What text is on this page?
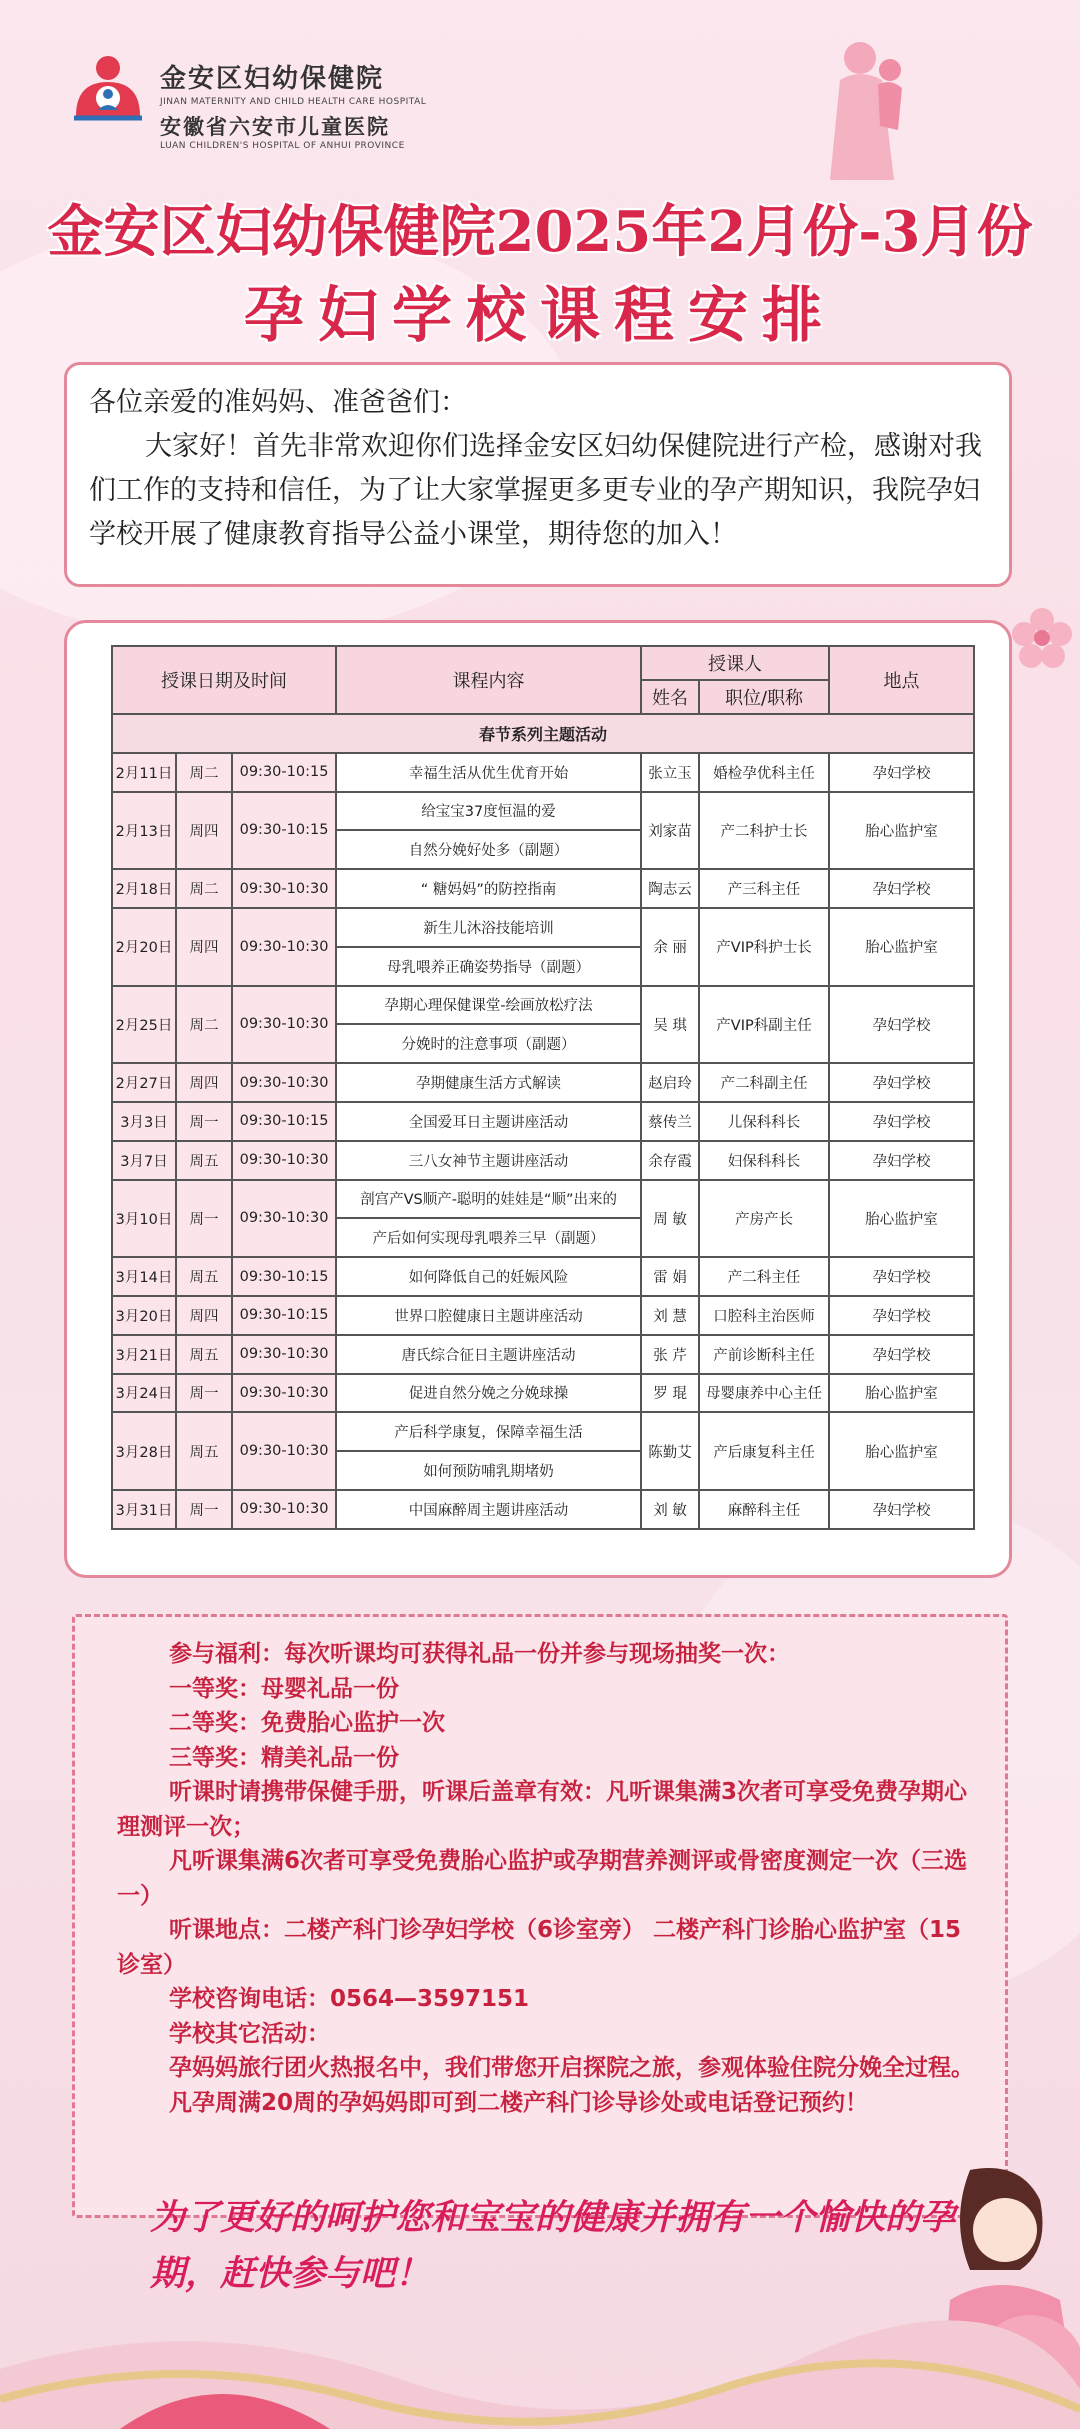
金安区妇幼保健院
JINAN MATERNITY AND CHILD HEALTH CARE HOSPITAL
安徽省六安市儿童医院
LUAN CHILDREN'S HOSPITAL OF ANHUI PROVINCE
金安区妇幼保健院2025年2月份-3月份
孕妇学校课程安排

各位亲爱的准妈妈、准爸爸们：

大家好！首先非常欢迎你们选择金安区妇幼保健院进行产检，感谢对我们工作的支持和信任，为了让大家掌握更多更专业的孕产期知识，我院孕妇学校开展了健康教育指导公益小课堂，期待您的加入！

授课日期及时间			课程内容	授课人		地点
				姓名	职位/职称	
春节系列主题活动						
2月11日	周二	09:30-10:15	幸福生活从优生优育开始	张立玉	婚检孕优科主任	孕妇学校
2月13日	周四	09:30-10:15	给宝宝37度恒温的爱	刘家苗	产二科护士长	胎心监护室
			自然分娩好处多（副题）			
2月18日	周二	09:30-10:30	“ 糖妈妈”的防控指南	陶志云	产三科主任	孕妇学校
2月20日	周四	09:30-10:30	新生儿沐浴技能培训	余 丽	产VIP科护士长	胎心监护室
			母乳喂养正确姿势指导（副题）			
2月25日	周二	09:30-10:30	孕期心理保健课堂-绘画放松疗法	吴 琪	产VIP科副主任	孕妇学校
			分娩时的注意事项（副题）			
2月27日	周四	09:30-10:30	孕期健康生活方式解读	赵启玲	产二科副主任	孕妇学校
3月3日	周一	09:30-10:15	全国爱耳日主题讲座活动	蔡传兰	儿保科科长	孕妇学校
3月7日	周五	09:30-10:30	三八女神节主题讲座活动	余存霞	妇保科科长	孕妇学校
3月10日	周一	09:30-10:30	剖宫产VS顺产-聪明的娃娃是“顺”出来的	周 敏	产房产长	胎心监护室
			产后如何实现母乳喂养三早（副题）			
3月14日	周五	09:30-10:15	如何降低自己的妊娠风险	雷 娟	产二科主任	孕妇学校
3月20日	周四	09:30-10:15	世界口腔健康日主题讲座活动	刘 慧	口腔科主治医师	孕妇学校
3月21日	周五	09:30-10:30	唐氏综合征日主题讲座活动	张 芹	产前诊断科主任	孕妇学校
3月24日	周一	09:30-10:30	促进自然分娩之分娩球操	罗 琨	母婴康养中心主任	胎心监护室
3月28日	周五	09:30-10:30	产后科学康复，保障幸福生活	陈勤艾	产后康复科主任	胎心监护室
			如何预防哺乳期堵奶			
3月31日	周一	09:30-10:30	中国麻醉周主题讲座活动	刘 敏	麻醉科主任	孕妇学校

参与福利：每次听课均可获得礼品一份并参与现场抽奖一次：

一等奖：母婴礼品一份

二等奖：免费胎心监护一次

三等奖：精美礼品一份

听课时请携带保健手册，听课后盖章有效：凡听课集满3次者可享受免费孕期心理测评一次；

凡听课集满6次者可享受免费胎心监护或孕期营养测评或骨密度测定一次（三选一）

听课地点：二楼产科门诊孕妇学校（6诊室旁） 二楼产科门诊胎心监护室（15诊室）

学校咨询电话：0564—3597151

学校其它活动：

孕妈妈旅行团火热报名中，我们带您开启探院之旅，参观体验住院分娩全过程。

凡孕周满20周的孕妈妈即可到二楼产科门诊导诊处或电话登记预约！

为了更好的呵护您和宝宝的健康并拥有一个愉快的孕期，赶快参与吧！
